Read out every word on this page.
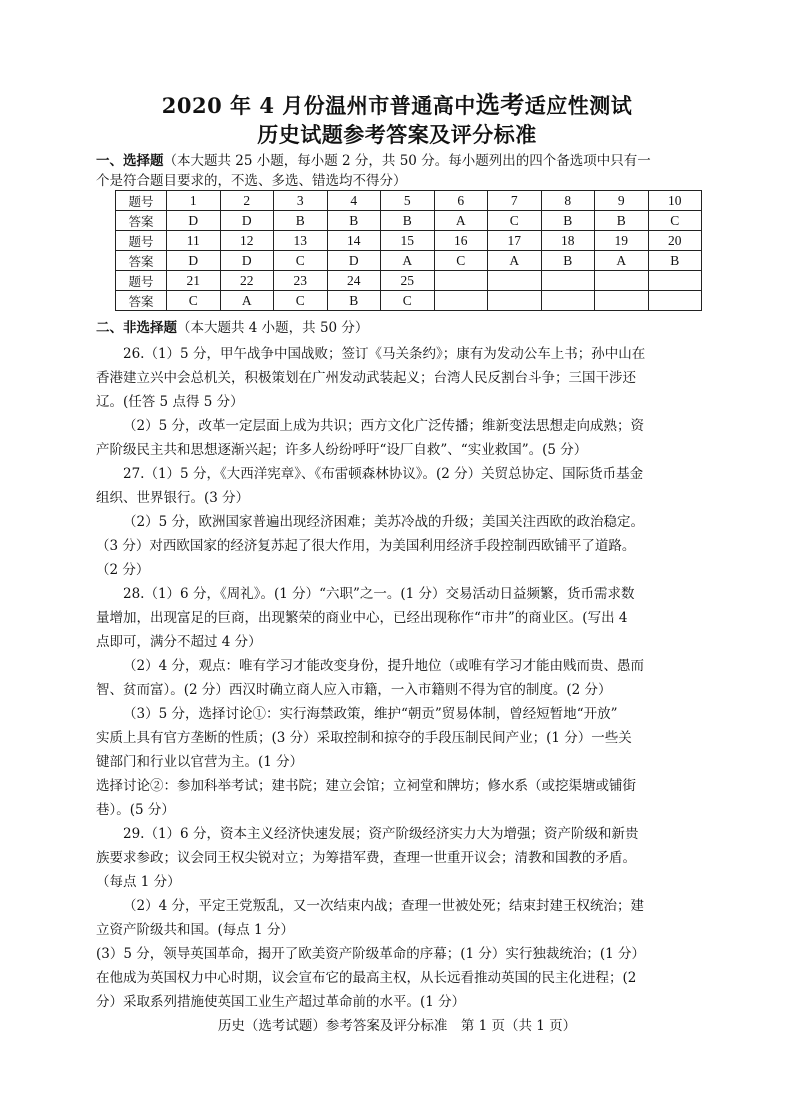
2020 年 4 月份温州市普通高中选考适应性测试
历史试题参考答案及评分标准
一、选择题（本大题共 25 小题，每小题 2 分，共 50 分。每小题列出的四个备选项中只有一
个是符合题目要求的，不选、多选、错选均不得分）
题号	1	2	3	4	5	6	7	8	9	10
答案	D	D	B	B	B	A	C	B	B	C
题号	11	12	13	14	15	16	17	18	19	20
答案	D	D	C	D	A	C	A	B	A	B
题号	21	22	23	24	25					
答案	C	A	C	B	C					
二、非选择题（本大题共 4 小题，共 50 分）
26.（1）5 分，甲午战争中国战败；签订《马关条约》；康有为发动公车上书；孙中山在
香港建立兴中会总机关，积极策划在广州发动武装起义；台湾人民反割台斗争；三国干涉还
辽。(任答 5 点得 5 分）
（2）5 分，改革一定层面上成为共识；西方文化广泛传播；维新变法思想走向成熟；资
产阶级民主共和思想逐渐兴起；许多人纷纷呼吁“设厂自救”、“实业救国”。(5 分）
27.（1）5 分，《大西洋宪章》、《布雷顿森林协议》。(2 分）关贸总协定、国际货币基金
组织、世界银行。(3 分）
（2）5 分，欧洲国家普遍出现经济困难；美苏冷战的升级；美国关注西欧的政治稳定。
（3 分）对西欧国家的经济复苏起了很大作用，为美国利用经济手段控制西欧铺平了道路。
（2 分）
28.（1）6 分，《周礼》。(1 分）“六职”之一。(1 分）交易活动日益频繁，货币需求数
量增加，出现富足的巨商，出现繁荣的商业中心，已经出现称作“市井”的商业区。(写出 4
点即可，满分不超过 4 分）
（2）4 分，观点：唯有学习才能改变身份，提升地位（或唯有学习才能由贱而贵、愚而
智、贫而富）。(2 分）西汉时确立商人应入市籍，一入市籍则不得为官的制度。(2 分）
（3）5 分，选择讨论①：实行海禁政策，维护“朝贡”贸易体制，曾经短暂地“开放”
实质上具有官方垄断的性质；(3 分）采取控制和掠夺的手段压制民间产业；(1 分）一些关
键部门和行业以官营为主。(1 分）
选择讨论②：参加科举考试；建书院；建立会馆；立祠堂和牌坊；修水系（或挖渠塘或铺街
巷）。(5 分）
29.（1）6 分，资本主义经济快速发展；资产阶级经济实力大为增强；资产阶级和新贵
族要求参政；议会同王权尖锐对立；为筹措军费，查理一世重开议会；清教和国教的矛盾。
（每点 1 分）
（2）4 分，平定王党叛乱，又一次结束内战；查理一世被处死；结束封建王权统治；建
立资产阶级共和国。(每点 1 分）
(3）5 分，领导英国革命，揭开了欧美资产阶级革命的序幕；(1 分）实行独裁统治；(1 分）
在他成为英国权力中心时期，议会宣布它的最高主权，从长远看推动英国的民主化进程；(2
分）采取系列措施使英国工业生产超过革命前的水平。(1 分）
历史（选考试题）参考答案及评分标准　第 1 页（共 1 页）
